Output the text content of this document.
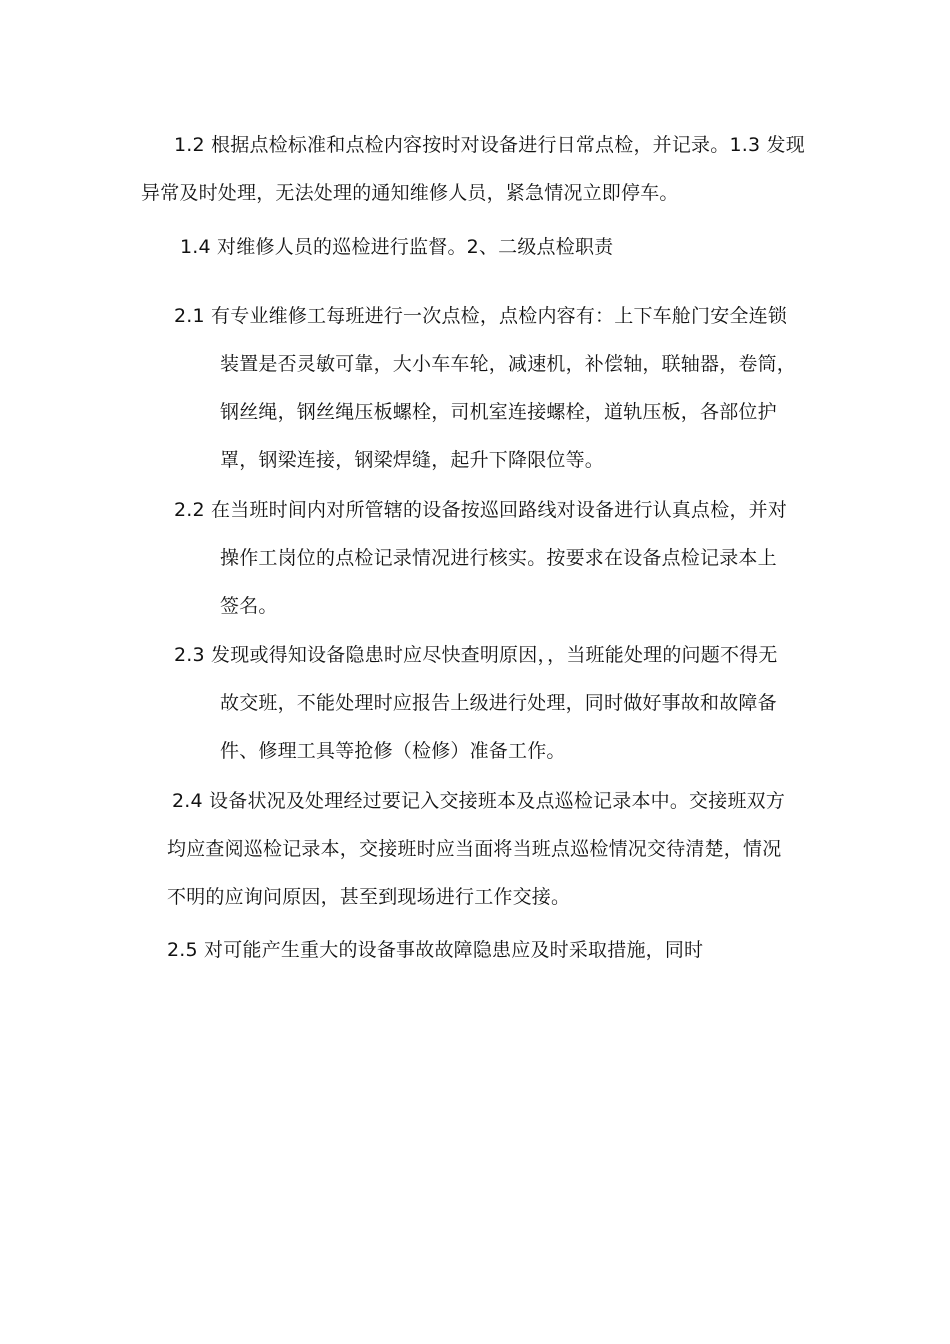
1.2 根据点检标准和点检内容按时对设备进行日常点检，并记录。1.3 发现
异常及时处理，无法处理的通知维修人员，紧急情况立即停车。
1.4 对维修人员的巡检进行监督。2、二级点检职责
2.1 有专业维修工每班进行一次点检，点检内容有：上下车舱门安全连锁
装置是否灵敏可靠，大小车车轮，减速机，补偿轴，联轴器，卷筒，
钢丝绳，钢丝绳压板螺栓，司机室连接螺栓，道轨压板，各部位护
罩，钢梁连接，钢梁焊缝，起升下降限位等。
2.2 在当班时间内对所管辖的设备按巡回路线对设备进行认真点检，并对
操作工岗位的点检记录情况进行核实。按要求在设备点检记录本上
签名。
2.3 发现或得知设备隐患时应尽快查明原因，，当班能处理的问题不得无
故交班，不能处理时应报告上级进行处理，同时做好事故和故障备
件、修理工具等抢修（检修）准备工作。
2.4 设备状况及处理经过要记入交接班本及点巡检记录本中。交接班双方
均应查阅巡检记录本，交接班时应当面将当班点巡检情况交待清楚，情况
不明的应询问原因，甚至到现场进行工作交接。
2.5 对可能产生重大的设备事故故障隐患应及时采取措施，同时
